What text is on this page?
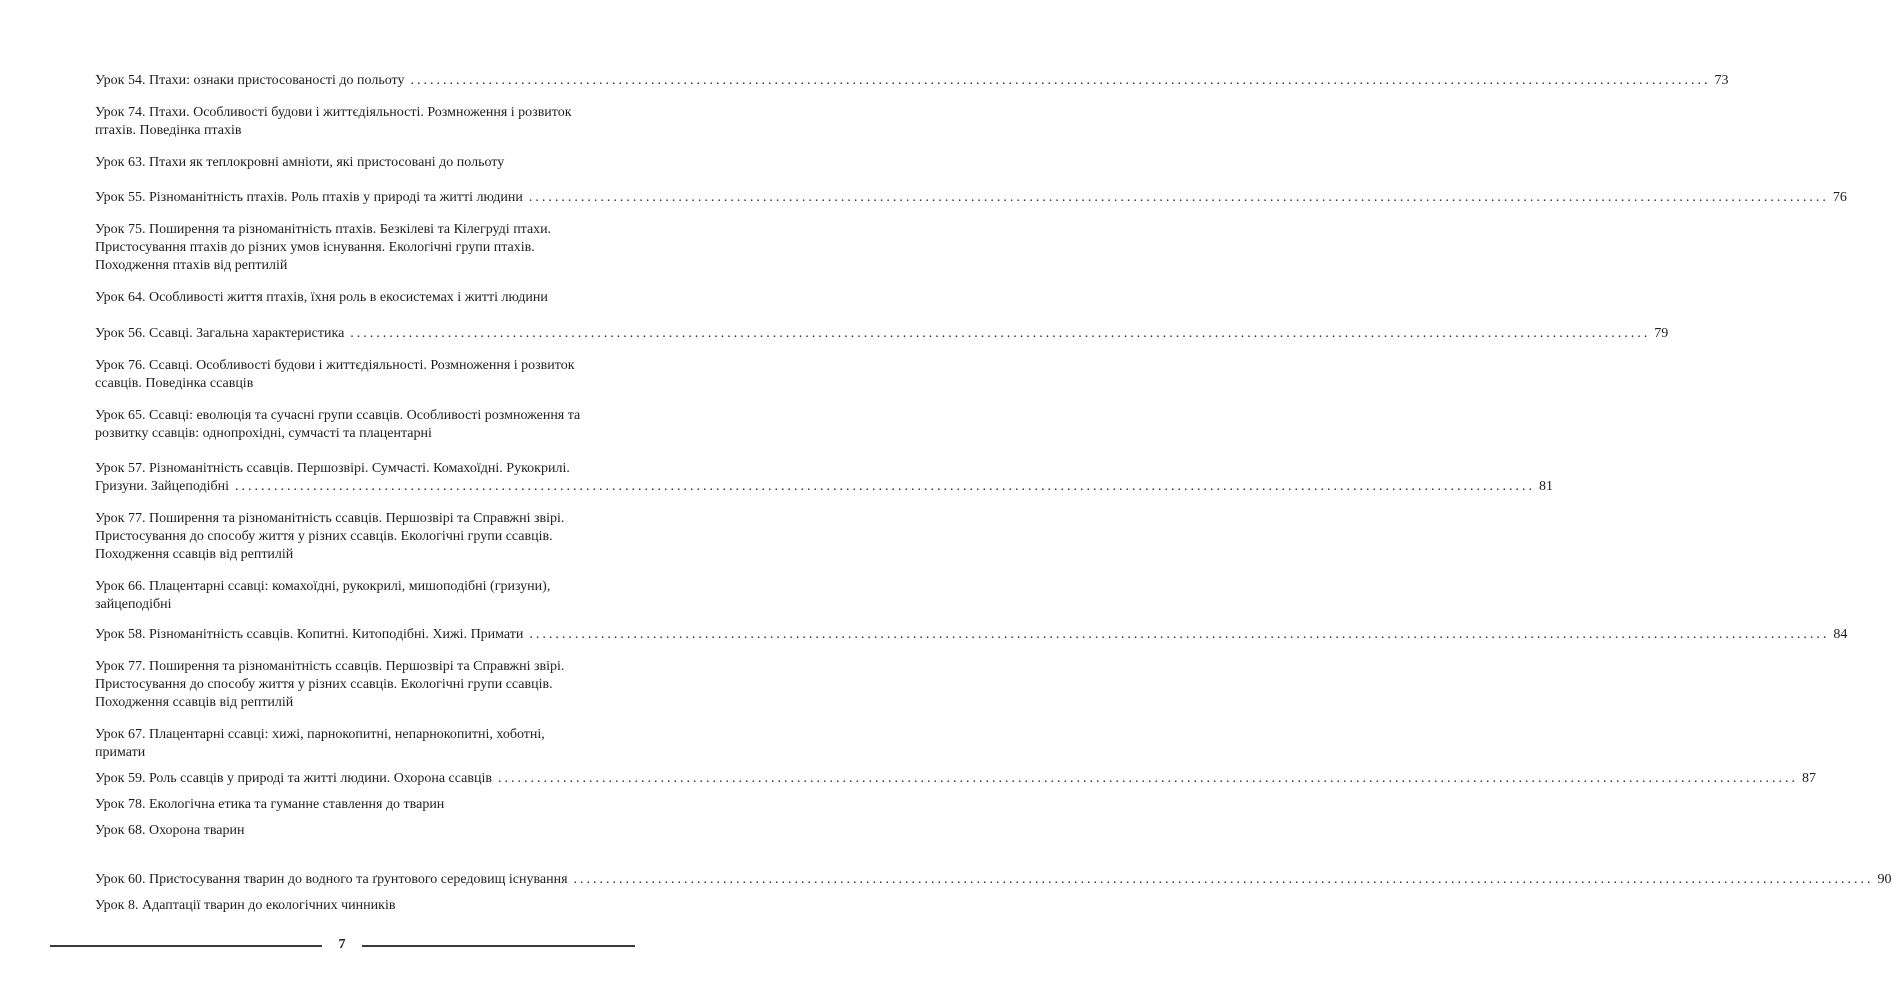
Урок 54. Птахи: ознаки пристосованості до польоту ........................................................................................................................................................................................................ 73
Урок 74. Птахи. Особливості будови і життєдіяльності. Розмноження і розвиток
птахів. Поведінка птахів
Урок 63. Птахи як теплокровні амніоти, які пристосовані до польоту
Урок 55. Різноманітність птахів. Роль птахів у природі та житті людини ........................................................................................................................................................................................................ 76
Урок 75. Поширення та різноманітність птахів. Безкілеві та Кілегруді птахи.
Пристосування птахів до різних умов існування. Екологічні групи птахів.
Походження птахів від рептилій
Урок 64. Особливості життя птахів, їхня роль в екосистемах і житті людини
Урок 56. Ссавці. Загальна характеристика ........................................................................................................................................................................................................ 79
Урок 76. Ссавці. Особливості будови і життєдіяльності. Розмноження і розвиток
ссавців. Поведінка ссавців
Урок 65. Ссавці: еволюція та сучасні групи ссавців. Особливості розмноження та
розвитку ссавців: однопрохідні, сумчасті та плацентарні
Урок 57. Різноманітність ссавців. Першозвірі. Сумчасті. Комахоїдні. Рукокрилі.
Гризуни. Зайцеподібні ........................................................................................................................................................................................................ 81
Урок 77. Поширення та різноманітність ссавців. Першозвірі та Справжні звірі.
Пристосування до способу життя у різних ссавців. Екологічні групи ссавців.
Походження ссавців від рептилій
Урок 66. Плацентарні ссавці: комахоїдні, рукокрилі, мишоподібні (гризуни),
зайцеподібні
Урок 58. Різноманітність ссавців. Копитні. Китоподібні. Хижі. Примати ........................................................................................................................................................................................................ 84
Урок 77. Поширення та різноманітність ссавців. Першозвірі та Справжні звірі.
Пристосування до способу життя у різних ссавців. Екологічні групи ссавців.
Походження ссавців від рептилій
Урок 67. Плацентарні ссавці: хижі, парнокопитні, непарнокопитні, хоботні,
примати
Урок 59. Роль ссавців у природі та житті людини. Охорона ссавців ........................................................................................................................................................................................................ 87
Урок 78. Екологічна етика та гуманне ставлення до тварин
Урок 68. Охорона тварин
Урок 60. Пристосування тварин до водного та ґрунтового середовищ існування ........................................................................................................................................................................................................ 90
Урок 8. Адаптації тварин до екологічних чинників
7
